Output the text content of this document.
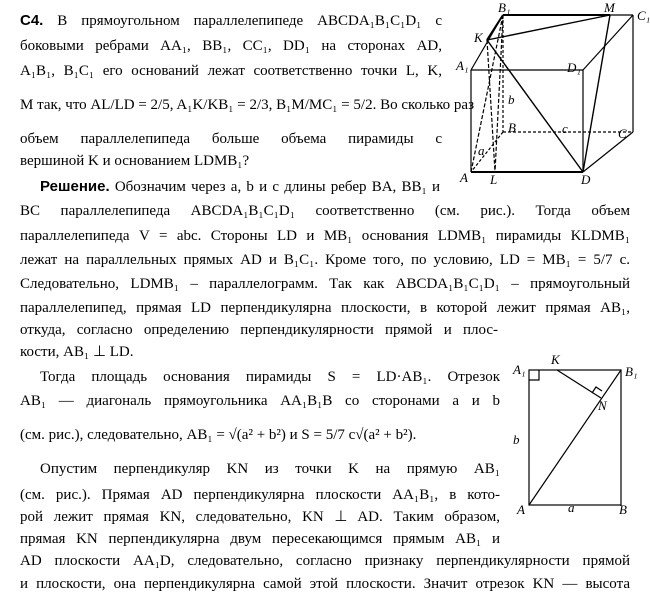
С4. В прямоугольном параллелепипеде ABCDA₁B₁C₁D₁ с
боковыми ребрами AA₁, BB₁, CC₁, DD₁ на сторонах AD,
A₁B₁, B₁C₁ его оснований лежат соответственно точки L, K,
M так, что AL/LD = 2/5, A₁K/KB₁ = 2/3, B₁M/MC₁ = 5/2. Во сколько раз
объем параллелепипеда больше объема пирамиды с
вершиной K и основанием LDMB₁?
Решение. Обозначим через a, b и c длины ребер BA, BB₁ и
BC параллелепипеда ABCDA₁B₁C₁D₁ соответственно (см. рис.). Тогда объем
параллелепипеда V = abc. Стороны LD и MB₁ основания LDMB₁ пирамиды KLDMB₁
лежат на параллельных прямых AD и B₁C₁. Кроме того, по условию, LD = MB₁ = 5/7 c.
Следовательно, LDMB₁ – параллелограмм. Так как ABCDA₁B₁C₁D₁ – прямоугольный
параллелепипед, прямая LD перпендикулярна плоскости, в которой лежит прямая AB₁,
откуда, согласно определению перпендикулярности прямой и плос-
кости, AB₁ ⊥ LD.
Тогда площадь основания пирамиды S = LD·AB₁. Отрезок
AB₁ — диагональ прямоугольника AA₁B₁B со сторонами a и b
(см. рис.), следовательно, AB₁ = √(a² + b²) и S = 5/7 c√(a² + b²).
Опустим перпендикуляр KN из точки K на прямую AB₁
(см. рис.). Прямая AD перпендикулярна плоскости AA₁B₁, в кото-
рой лежит прямая KN, следовательно, KN ⊥ AD. Таким образом,
прямая KN перпендикулярна двум пересекающимся прямым AB₁ и
AD плоскости AA₁D, следовательно, согласно признаку перпендикулярности прямой
и плоскости, она перпендикулярна самой этой плоскости. Значит отрезок KN — высота
B₁	M
C₁
K
A₁	D₁
b
B	c	C
a
A L	D
A₁
K
B₁
N
b
A	a	B
